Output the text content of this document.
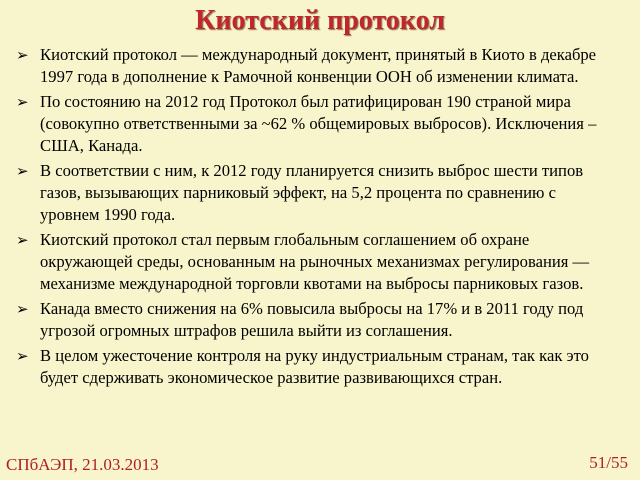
Киотский протокол
➢ Киотский протокол — международный документ, принятый в Киото в декабре 1997 года в дополнение к Рамочной конвенции ООН об изменении климата.
➢ По состоянию на 2012 год Протокол был ратифицирован 190 страной мира (совокупно ответственными за ~62 % общемировых выбросов). Исключения – США, Канада.
➢ В соответствии с ним, к 2012 году планируется снизить выброс шести типов газов, вызывающих парниковый эффект, на 5,2 процента по сравнению с уровнем 1990 года.
➢ Киотский протокол стал первым глобальным соглашением об охране окружающей среды, основанным на рыночных механизмах регулирования — механизме международной торговли квотами на выбросы парниковых газов.
➢ Канада вместо снижения на 6% повысила выбросы на 17% и в 2011 году под угрозой огромных штрафов решила выйти из соглашения.
➢ В целом ужесточение контроля на руку индустриальным странам, так как это будет сдерживать экономическое развитие развивающихся стран.
СПбАЭП, 21.03.2013	51/55
